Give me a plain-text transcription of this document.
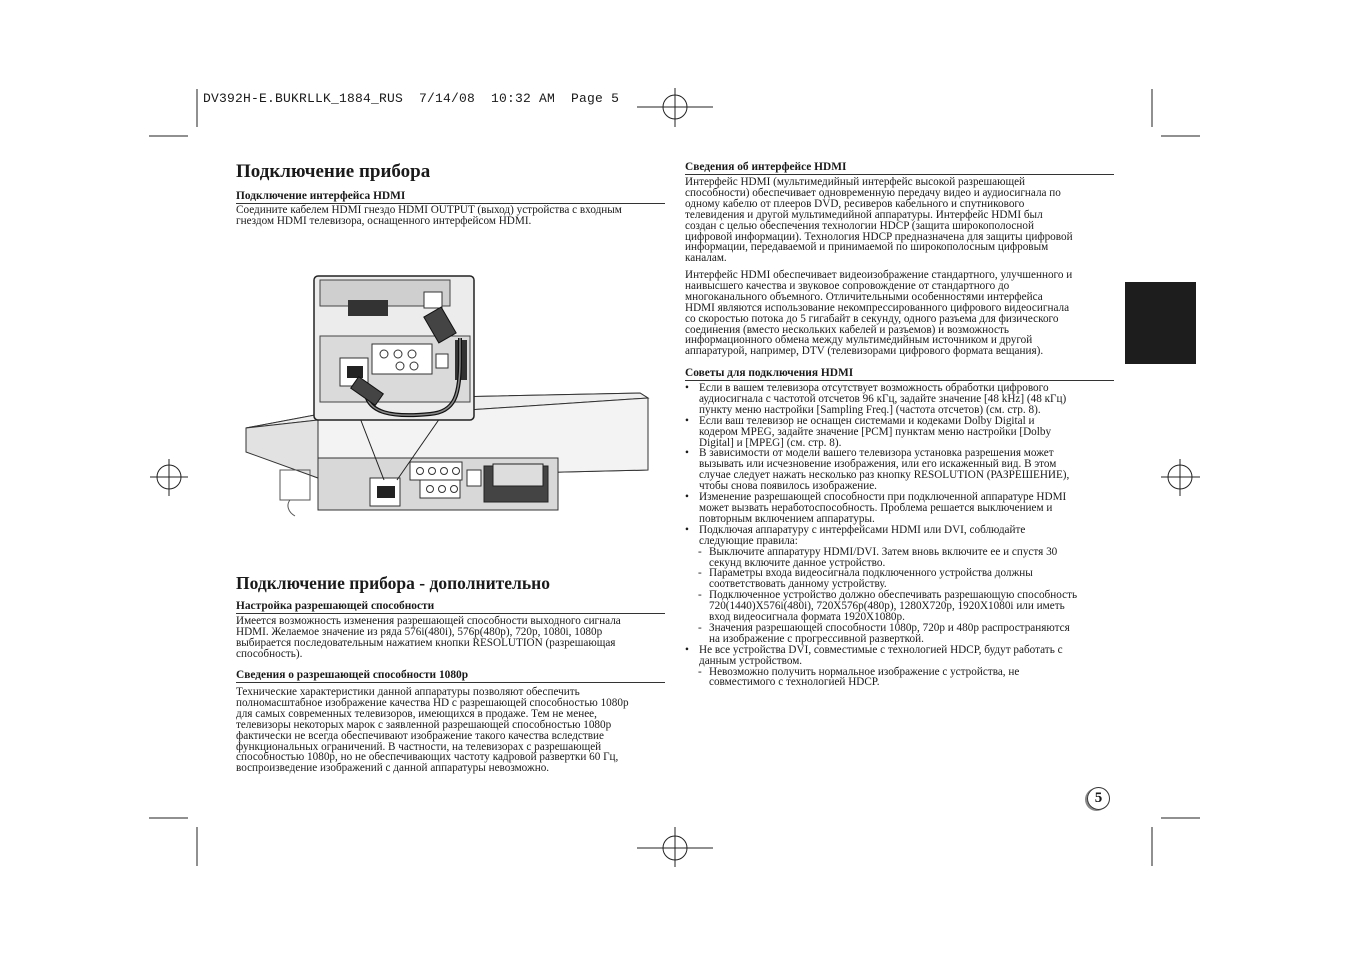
DV392H-E.BUKRLLK_1884_RUS  7/14/08  10:32 AM  Page 5
Подключение прибора
Подключение интерфейса HDMI
Соедините кабелем HDMI гнездо HDMI OUTPUT (выход) устройства с входным
гнездом HDMI телевизора, оснащенного интерфейсом HDMI.
Подключение прибора - дополнительно
Настройка разрешающей способности
Имеется возможность изменения разрешающей способности выходного сигнала
HDMI. Желаемое значение из ряда 576i(480i), 576p(480p), 720p, 1080i, 1080p
выбирается последовательным нажатием кнопки RESOLUTION (разрешающая
способность).
Сведения о разрешающей способности 1080p
Технические характеристики данной аппаратуры позволяют обеспечить
полномасштабное изображение качества HD с разрешающей способностью 1080p
для самых современных телевизоров, имеющихся в продаже. Тем не менее,
телевизоры некоторых марок с заявленной разрешающей способностью 1080p
фактически не всегда обеспечивают изображение такого качества вследствие
функциональных ограничений. В частности, на телевизорах с разрешающей
способностью 1080p, но не обеспечивающих частоту кадровой развертки 60 Гц,
воспроизведение изображений с данной аппаратуры невозможно.
Сведения об интерфейсе HDMI
Интерфейс HDMI (мультимедийный интерфейс высокой разрешающей
способности) обеспечивает одновременную передачу видео и аудиосигнала по
одному кабелю от плееров DVD, ресиверов кабельного и спутникового
телевидения и другой мультимедийной аппаратуры. Интерфейс HDMI был
создан с целью обеспечения технологии HDCP (защита широкополосной
цифровой информации). Технология HDCP предназначена для защиты цифровой
информации, передаваемой и принимаемой по широкополосным цифровым
каналам.
Интерфейс HDMI обеспечивает видеоизображение стандартного, улучшенного и
наивысшего качества и звуковое сопровождение от стандартного до
многоканального объемного. Отличительными особенностями интерфейса
HDMI являются использование некомпрессированного цифрового видеосигнала
со скоростью потока до 5 гигабайт в секунду, одного разъема для физического
соединения (вместо нескольких кабелей и разъемов) и возможность
информационного обмена между мультимедийным источником и другой
аппаратурой, например, DTV (телевизорами цифрового формата вещания).
Советы для подключения HDMI
• Если в вашем телевизора отсутствует возможность обработки цифрового
аудиосигнала с частотой отсчетов 96 кГц, задайте значение [48 kHz] (48 кГц)
пункту меню настройки [Sampling Freq.] (частота отсчетов) (см. стр. 8).
• Если ваш телевизор не оснащен системами и кодеками Dolby Digital и
кодером MPEG, задайте значение [PCM] пунктам меню настройки [Dolby
Digital] и [MPEG] (см. стр. 8).
• В зависимости от модели вашего телевизора установка разрешения может
вызывать или исчезновение изображения, или его искаженный вид. В этом
случае следует нажать несколько раз кнопку RESOLUTION (РАЗРЕШЕНИЕ),
чтобы снова появилось изображение.
• Изменение разрешающей способности при подключенной аппаратуре HDMI
может вызвать неработоспособность. Проблема решается выключением и
повторным включением аппаратуры.
• Подключая аппаратуру с интерфейсами HDMI или DVI, соблюдайте
следующие правила:
- Выключите аппаратуру HDMI/DVI. Затем вновь включите ее и спустя 30
секунд включите данное устройство.
- Параметры входа видеосигнала подключенного устройства должны
соответствовать данному устройству.
- Подключенное устройство должно обеспечивать разрешающую способность
720(1440)X576i(480i), 720X576p(480p), 1280X720p, 1920X1080i или иметь
вход видеосигнала формата 1920X1080p.
- Значения разрешающей способности 1080p, 720p и 480p распространяются
на изображение с прогрессивной разверткой.
• Не все устройства DVI, совместимые с технологией HDCP, будут работать с
данным устройством.
- Невозможно получить нормальное изображение с устройства, не
совместимого с технологией HDCP.
5
